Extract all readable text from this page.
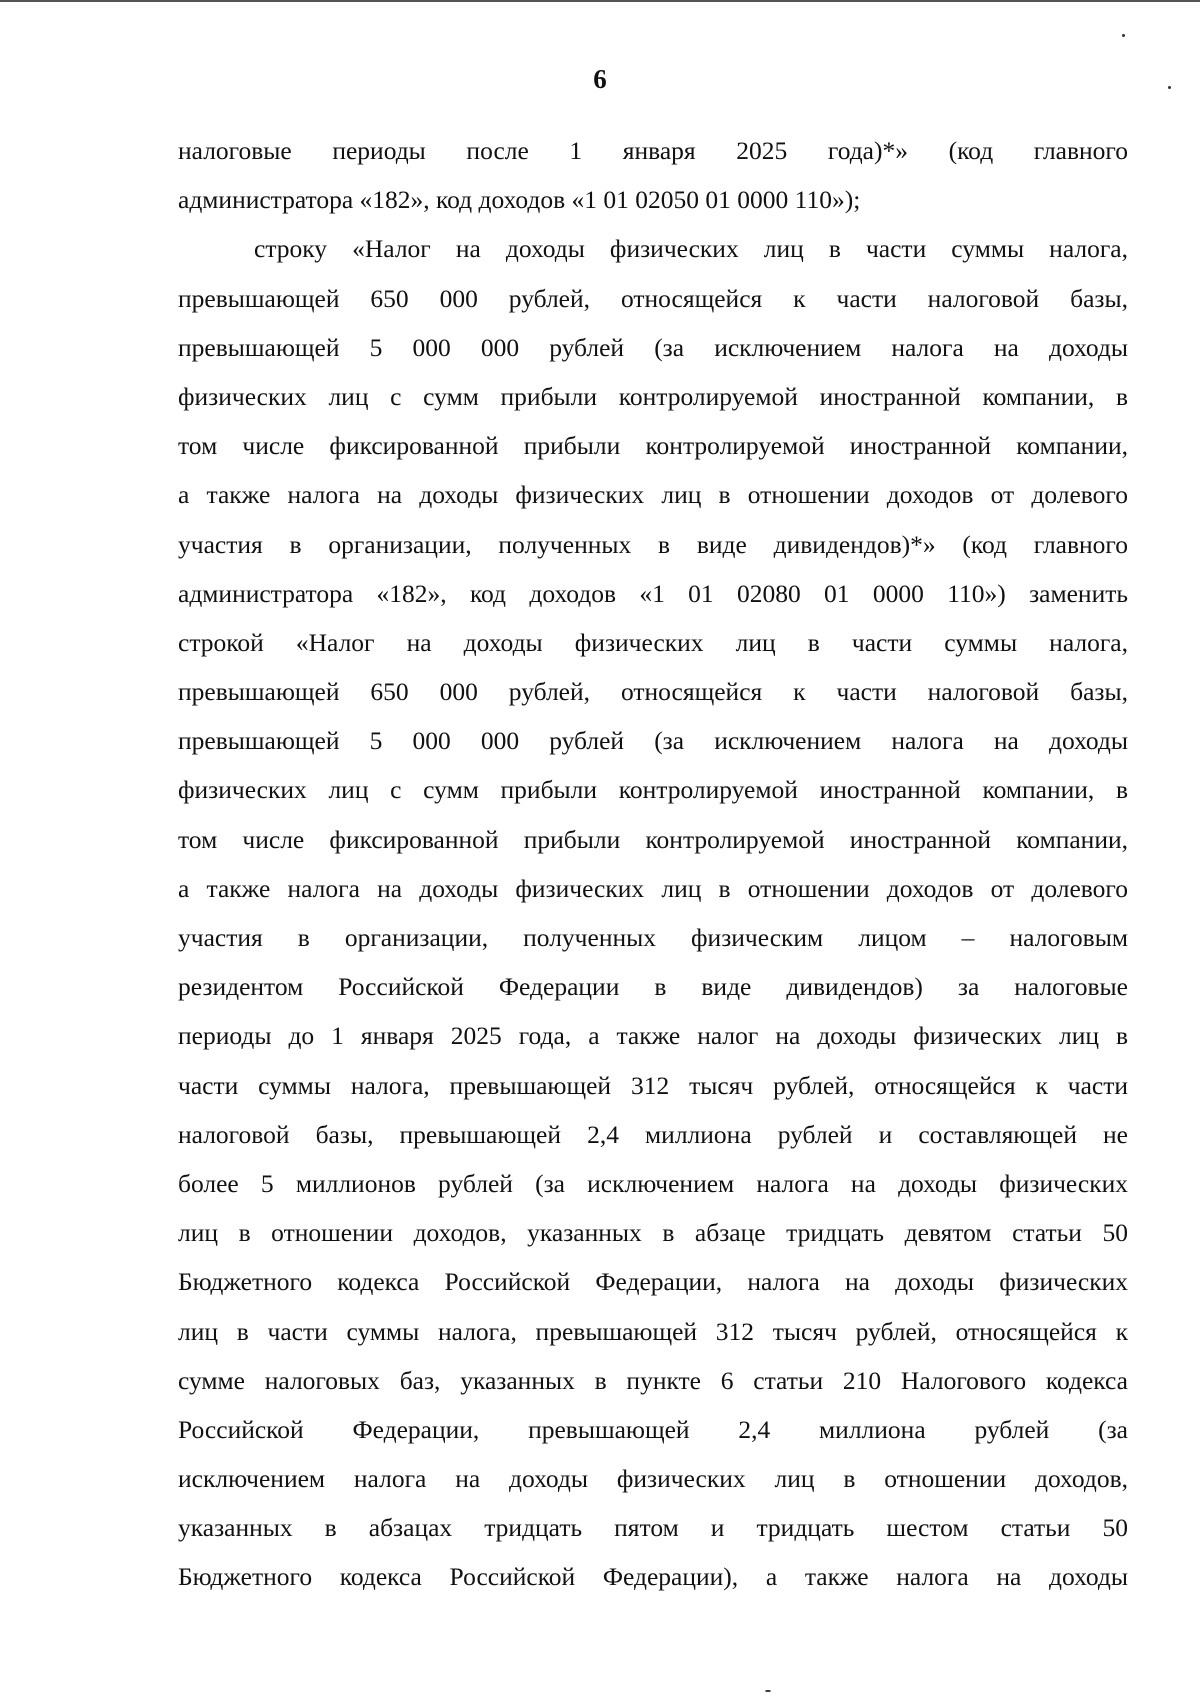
6
налоговые периоды после 1 января 2025 года)*» (код главного
администратора «182», код доходов «1 01 02050 01 0000 110»);
строку «Налог на доходы физических лиц в части суммы налога,
превышающей 650 000 рублей, относящейся к части налоговой базы,
превышающей 5 000 000 рублей (за исключением налога на доходы
физических лиц с сумм прибыли контролируемой иностранной компании, в
том числе фиксированной прибыли контролируемой иностранной компании,
а также налога на доходы физических лиц в отношении доходов от долевого
участия в организации, полученных в виде дивидендов)*» (код главного
администратора «182», код доходов «1 01 02080 01 0000 110») заменить
строкой «Налог на доходы физических лиц в части суммы налога,
превышающей 650 000 рублей, относящейся к части налоговой базы,
превышающей 5 000 000 рублей (за исключением налога на доходы
физических лиц с сумм прибыли контролируемой иностранной компании, в
том числе фиксированной прибыли контролируемой иностранной компании,
а также налога на доходы физических лиц в отношении доходов от долевого
участия в организации, полученных физическим лицом – налоговым
резидентом Российской Федерации в виде дивидендов) за налоговые
периоды до 1 января 2025 года, а также налог на доходы физических лиц в
части суммы налога, превышающей 312 тысяч рублей, относящейся к части
налоговой базы, превышающей 2,4 миллиона рублей и составляющей не
более 5 миллионов рублей (за исключением налога на доходы физических
лиц в отношении доходов, указанных в абзаце тридцать девятом статьи 50
Бюджетного кодекса Российской Федерации, налога на доходы физических
лиц в части суммы налога, превышающей 312 тысяч рублей, относящейся к
сумме налоговых баз, указанных в пункте 6 статьи 210 Налогового кодекса
Российской Федерации, превышающей 2,4 миллиона рублей (за
исключением налога на доходы физических лиц в отношении доходов,
указанных в абзацах тридцать пятом и тридцать шестом статьи 50
Бюджетного кодекса Российской Федерации), а также налога на доходы
